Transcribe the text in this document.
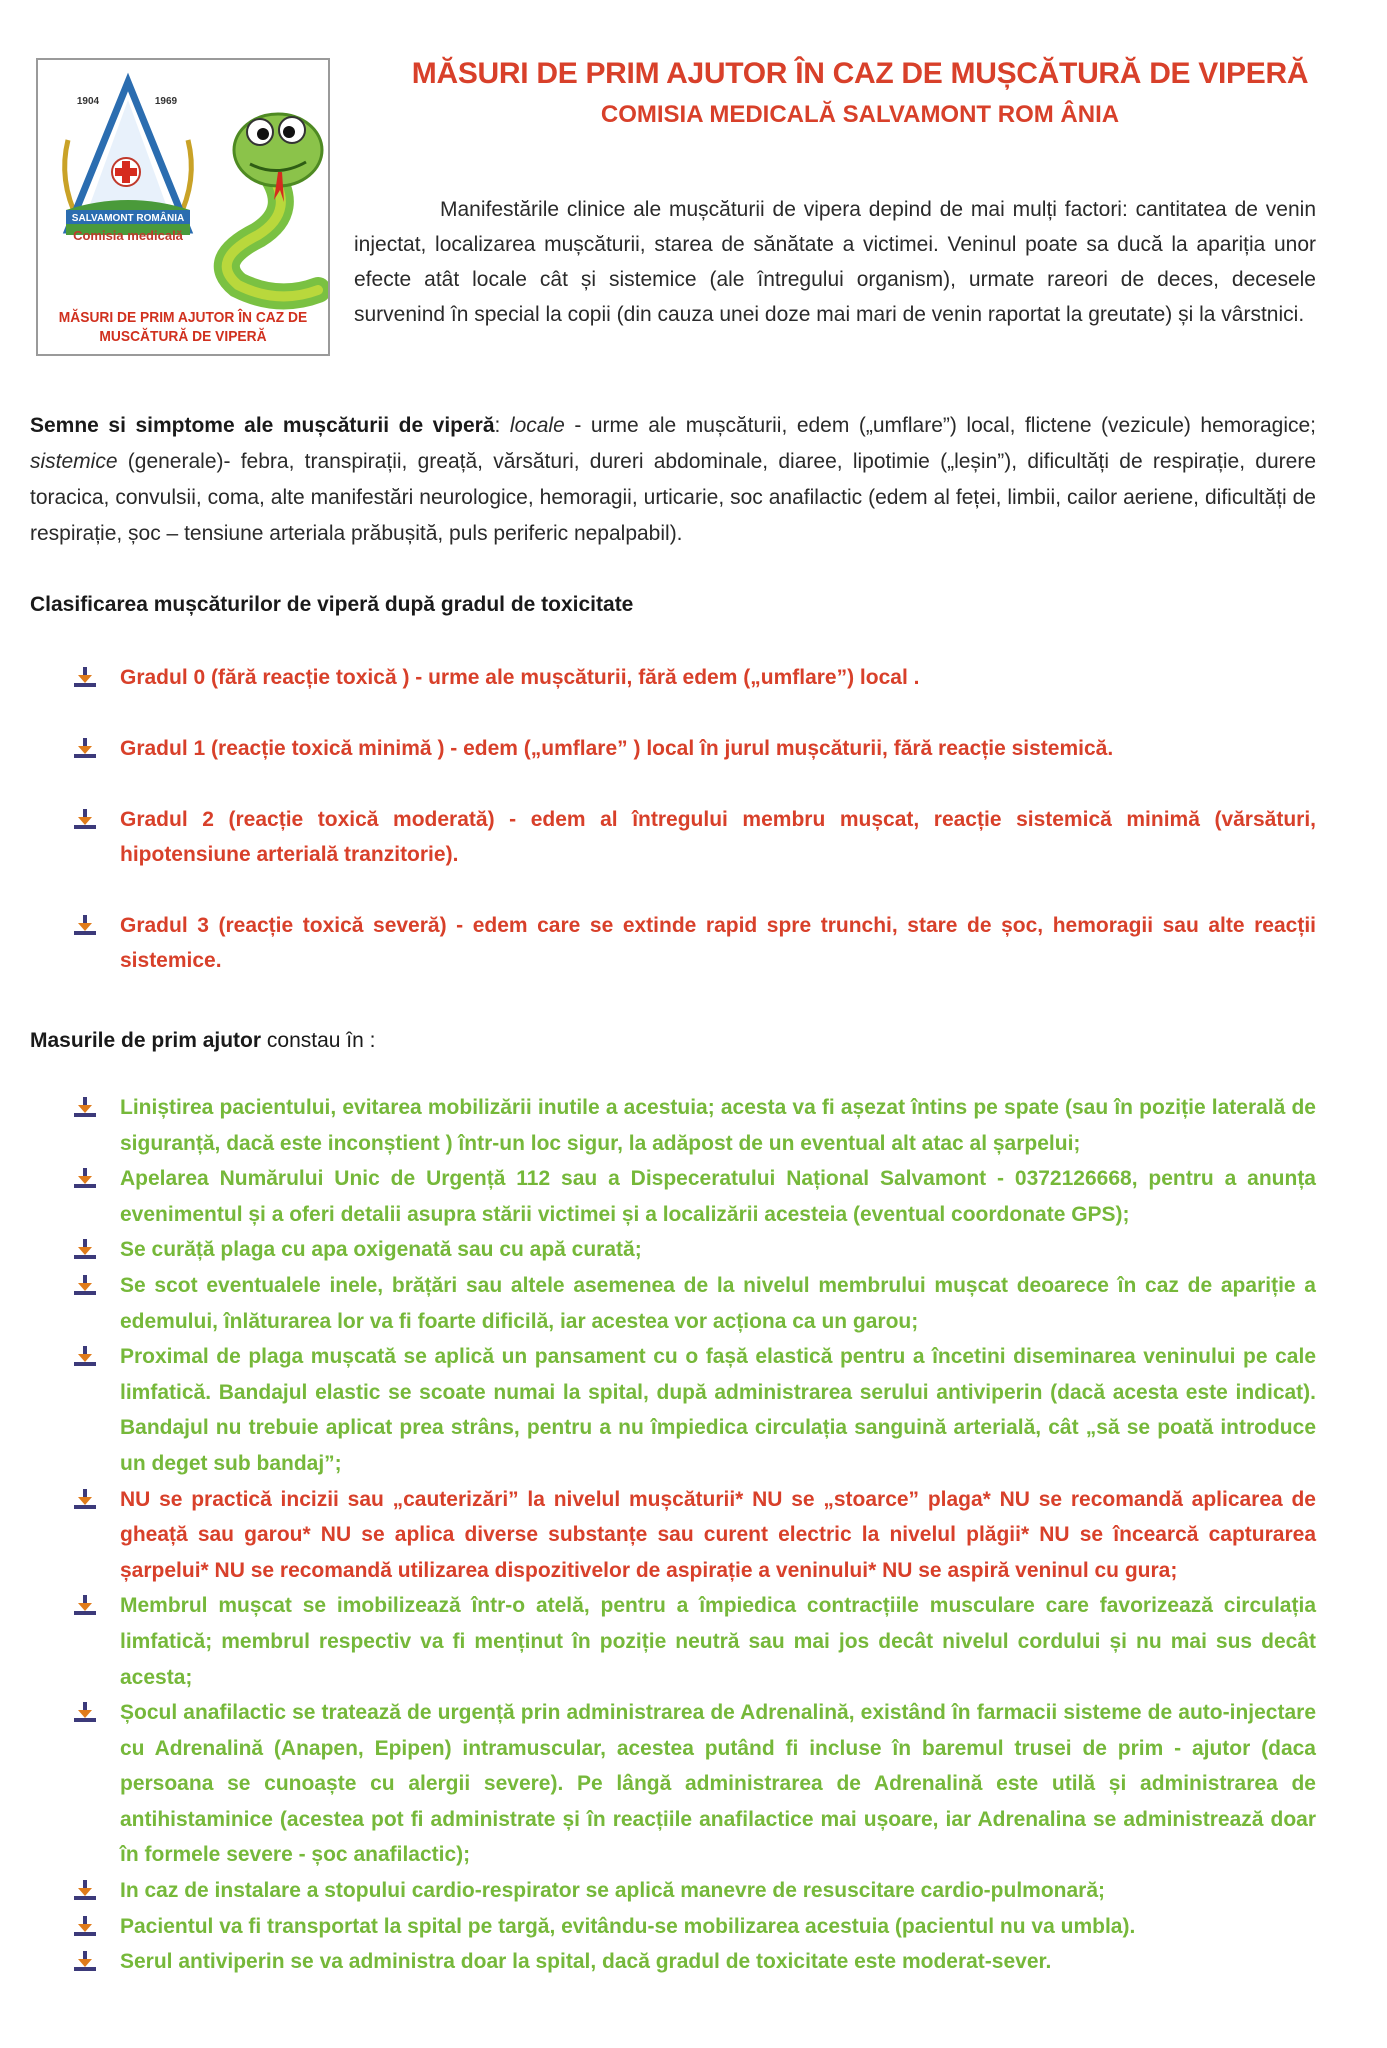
SALVAMONT ROMÂNIA
Comisia medicală
1904	1969
MĂSURI DE PRIM AJUTOR ÎN CAZ DE MUSCĂTURĂ DE VIPERĂ
MĂSURI DE PRIM AJUTOR ÎN CAZ DE MUȘCĂTURĂ DE VIPERĂ
COMISIA MEDICALĂ SALVAMONT ROM ÂNIA
Manifestările clinice ale mușcăturii de vipera depind de mai mulți factori: cantitatea de venin injectat, localizarea mușcăturii, starea de sănătate a victimei. Veninul poate sa ducă la apariția unor efecte atât locale cât și sistemice (ale întregului organism), urmate rareori de deces, decesele survenind în special la copii (din cauza unei doze mai mari de venin raportat la greutate) și la vârstnici.
Semne si simptome ale mușcăturii de viperă: locale - urme ale mușcăturii, edem („umflare”) local, flictene (vezicule) hemoragice; sistemice (generale)- febra, transpirații, greață, vărsături, dureri abdominale, diaree, lipotimie („leșin”), dificultăți de respirație, durere toracica, convulsii, coma, alte manifestări neurologice, hemoragii, urticarie, soc anafilactic (edem al feței, limbii, cailor aeriene, dificultăți de respirație, șoc – tensiune arteriala prăbușită, puls periferic nepalpabil).
Clasificarea mușcăturilor de viperă după gradul de toxicitate
Gradul 0 (fără reacție toxică ) - urme ale mușcăturii, fără edem („umflare”) local .
Gradul 1 (reacție toxică minimă ) - edem („umflare” ) local în jurul mușcăturii, fără reacție sistemică.
Gradul 2 (reacție toxică moderată) - edem al întregului membru mușcat, reacție sistemică minimă (vărsături, hipotensiune arterială tranzitorie).
Gradul 3 (reacție toxică severă) - edem care se extinde rapid spre trunchi, stare de șoc, hemoragii sau alte reacții sistemice.
Masurile de prim ajutor constau în :
Liniștirea pacientului, evitarea mobilizării inutile a acestuia; acesta va fi așezat întins pe spate (sau în poziție laterală de siguranță, dacă este inconștient ) într-un loc sigur, la adăpost de un eventual alt atac al șarpelui;
Apelarea Numărului Unic de Urgență 112 sau a Dispeceratului Național Salvamont - 0372126668, pentru a anunța evenimentul și a oferi detalii asupra stării victimei și a localizării acesteia (eventual coordonate GPS);
Se curăță plaga cu apa oxigenată sau cu apă curată;
Se scot eventualele inele, brățări sau altele asemenea de la nivelul membrului mușcat deoarece în caz de apariție a edemului, înlăturarea lor va fi foarte dificilă, iar acestea vor acționa ca un garou;
Proximal de plaga mușcată se aplică un pansament cu o fașă elastică pentru a încetini diseminarea veninului pe cale limfatică. Bandajul elastic se scoate numai la spital, după administrarea serului antiviperin (dacă acesta este indicat). Bandajul nu trebuie aplicat prea strâns, pentru a nu împiedica circulația sanguină arterială, cât „să se poată introduce un deget sub bandaj”;
NU se practică incizii sau „cauterizări” la nivelul mușcăturii* NU se „stoarce” plaga* NU se recomandă aplicarea de gheață sau garou* NU se aplica diverse substanțe sau curent electric la nivelul plăgii* NU se încearcă capturarea șarpelui* NU se recomandă utilizarea dispozitivelor de aspirație a veninului* NU se aspiră veninul cu gura;
Membrul mușcat se imobilizează într-o atelă, pentru a împiedica contracțiile musculare care favorizează circulația limfatică; membrul respectiv va fi menținut în poziție neutră sau mai jos decât nivelul cordului și nu mai sus decât acesta;
Șocul anafilactic se tratează de urgență prin administrarea de Adrenalină, existând în farmacii sisteme de auto-injectare cu Adrenalină (Anapen, Epipen) intramuscular, acestea putând fi incluse în baremul trusei de prim - ajutor (daca persoana se cunoaște cu alergii severe). Pe lângă administrarea de Adrenalină este utilă și administrarea de antihistaminice (acestea pot fi administrate și în reacțiile anafilactice mai ușoare, iar Adrenalina se administrează doar în formele severe - șoc anafilactic);
In caz de instalare a stopului cardio-respirator se aplică manevre de resuscitare cardio-pulmonară;
Pacientul va fi transportat la spital pe targă, evitându-se mobilizarea acestuia (pacientul nu va umbla).
Serul antiviperin se va administra doar la spital, dacă gradul de toxicitate este moderat-sever.
